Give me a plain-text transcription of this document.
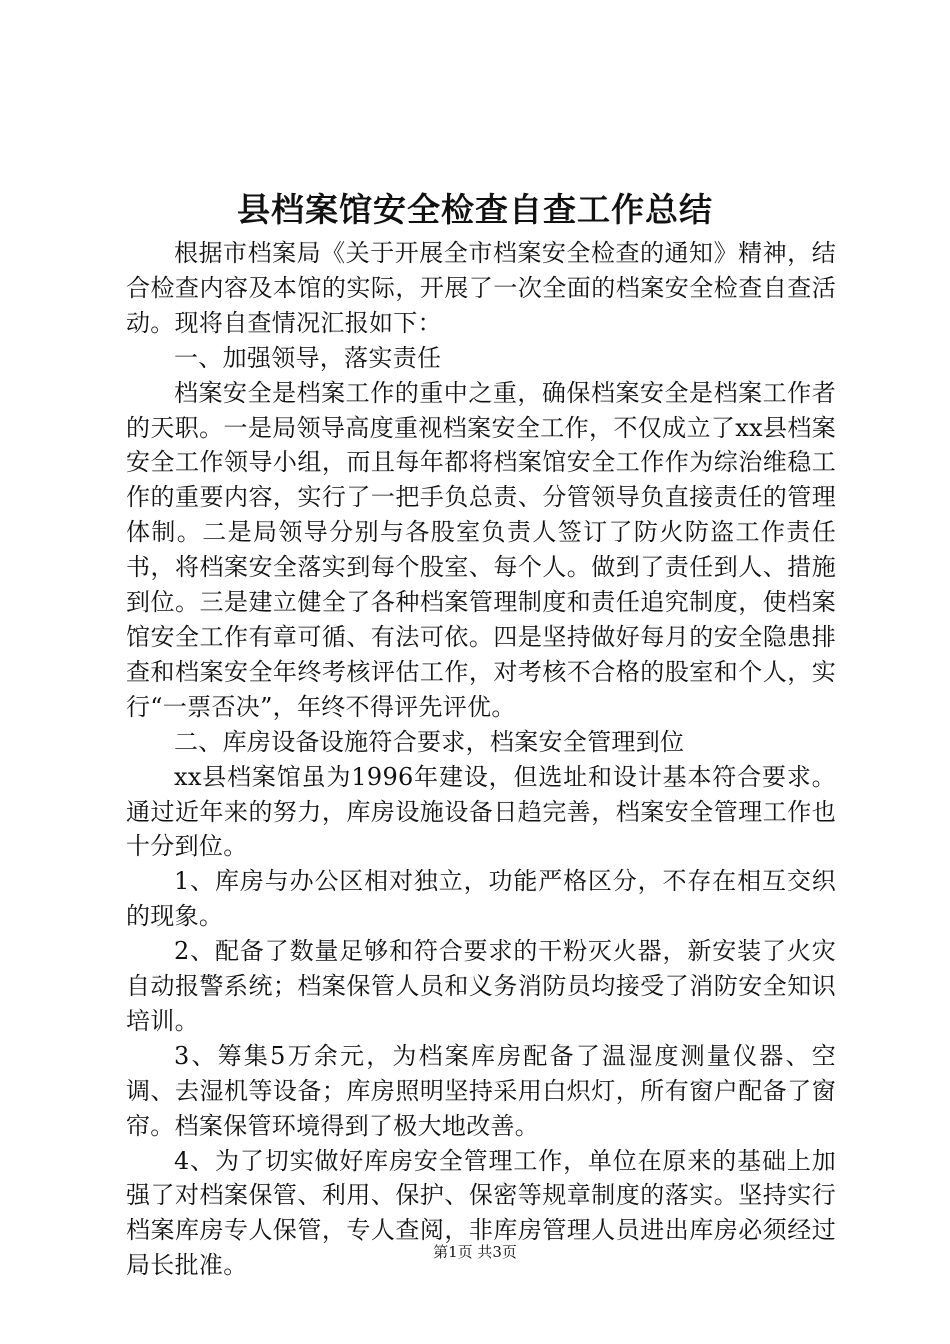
县档案馆安全检查自查工作总结

根据市档案局《关于开展全市档案安全检查的通知》精神，结合检查内容及本馆的实际，开展了一次全面的档案安全检查自查活动。现将自查情况汇报如下：

一、加强领导，落实责任

档案安全是档案工作的重中之重，确保档案安全是档案工作者的天职。一是局领导高度重视档案安全工作，不仅成立了xx县档案安全工作领导小组，而且每年都将档案馆安全工作作为综治维稳工作的重要内容，实行了一把手负总责、分管领导负直接责任的管理体制。二是局领导分别与各股室负责人签订了防火防盗工作责任书，将档案安全落实到每个股室、每个人。做到了责任到人、措施到位。三是建立健全了各种档案管理制度和责任追究制度，使档案馆安全工作有章可循、有法可依。四是坚持做好每月的安全隐患排查和档案安全年终考核评估工作，对考核不合格的股室和个人，实行“一票否决”，年终不得评先评优。

二、库房设备设施符合要求，档案安全管理到位

xx县档案馆虽为1996年建设，但选址和设计基本符合要求。通过近年来的努力，库房设施设备日趋完善，档案安全管理工作也十分到位。

1、库房与办公区相对独立，功能严格区分，不存在相互交织的现象。

2、配备了数量足够和符合要求的干粉灭火器，新安装了火灾自动报警系统；档案保管人员和义务消防员均接受了消防安全知识培训。

3、筹集5万余元，为档案库房配备了温湿度测量仪器、空调、去湿机等设备；库房照明坚持采用白炽灯，所有窗户配备了窗帘。档案保管环境得到了极大地改善。

4、为了切实做好库房安全管理工作，单位在原来的基础上加强了对档案保管、利用、保护、保密等规章制度的落实。坚持实行档案库房专人保管，专人查阅，非库房管理人员进出库房必须经过局长批准。	第1页 共3页
